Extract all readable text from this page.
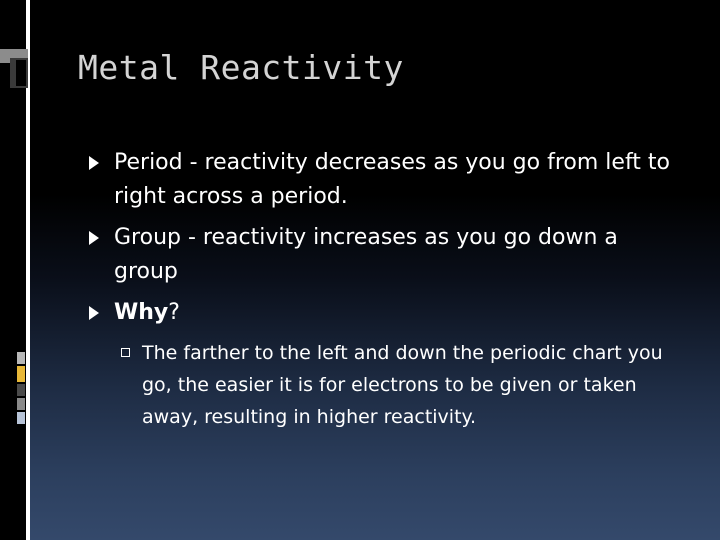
Metal Reactivity
Period - reactivity decreases as you go from left to right across a period.
Group - reactivity increases as you go down a group
Why?
The farther to the left and down the periodic chart you go, the easier it is for electrons to be given or taken away, resulting in higher reactivity.
